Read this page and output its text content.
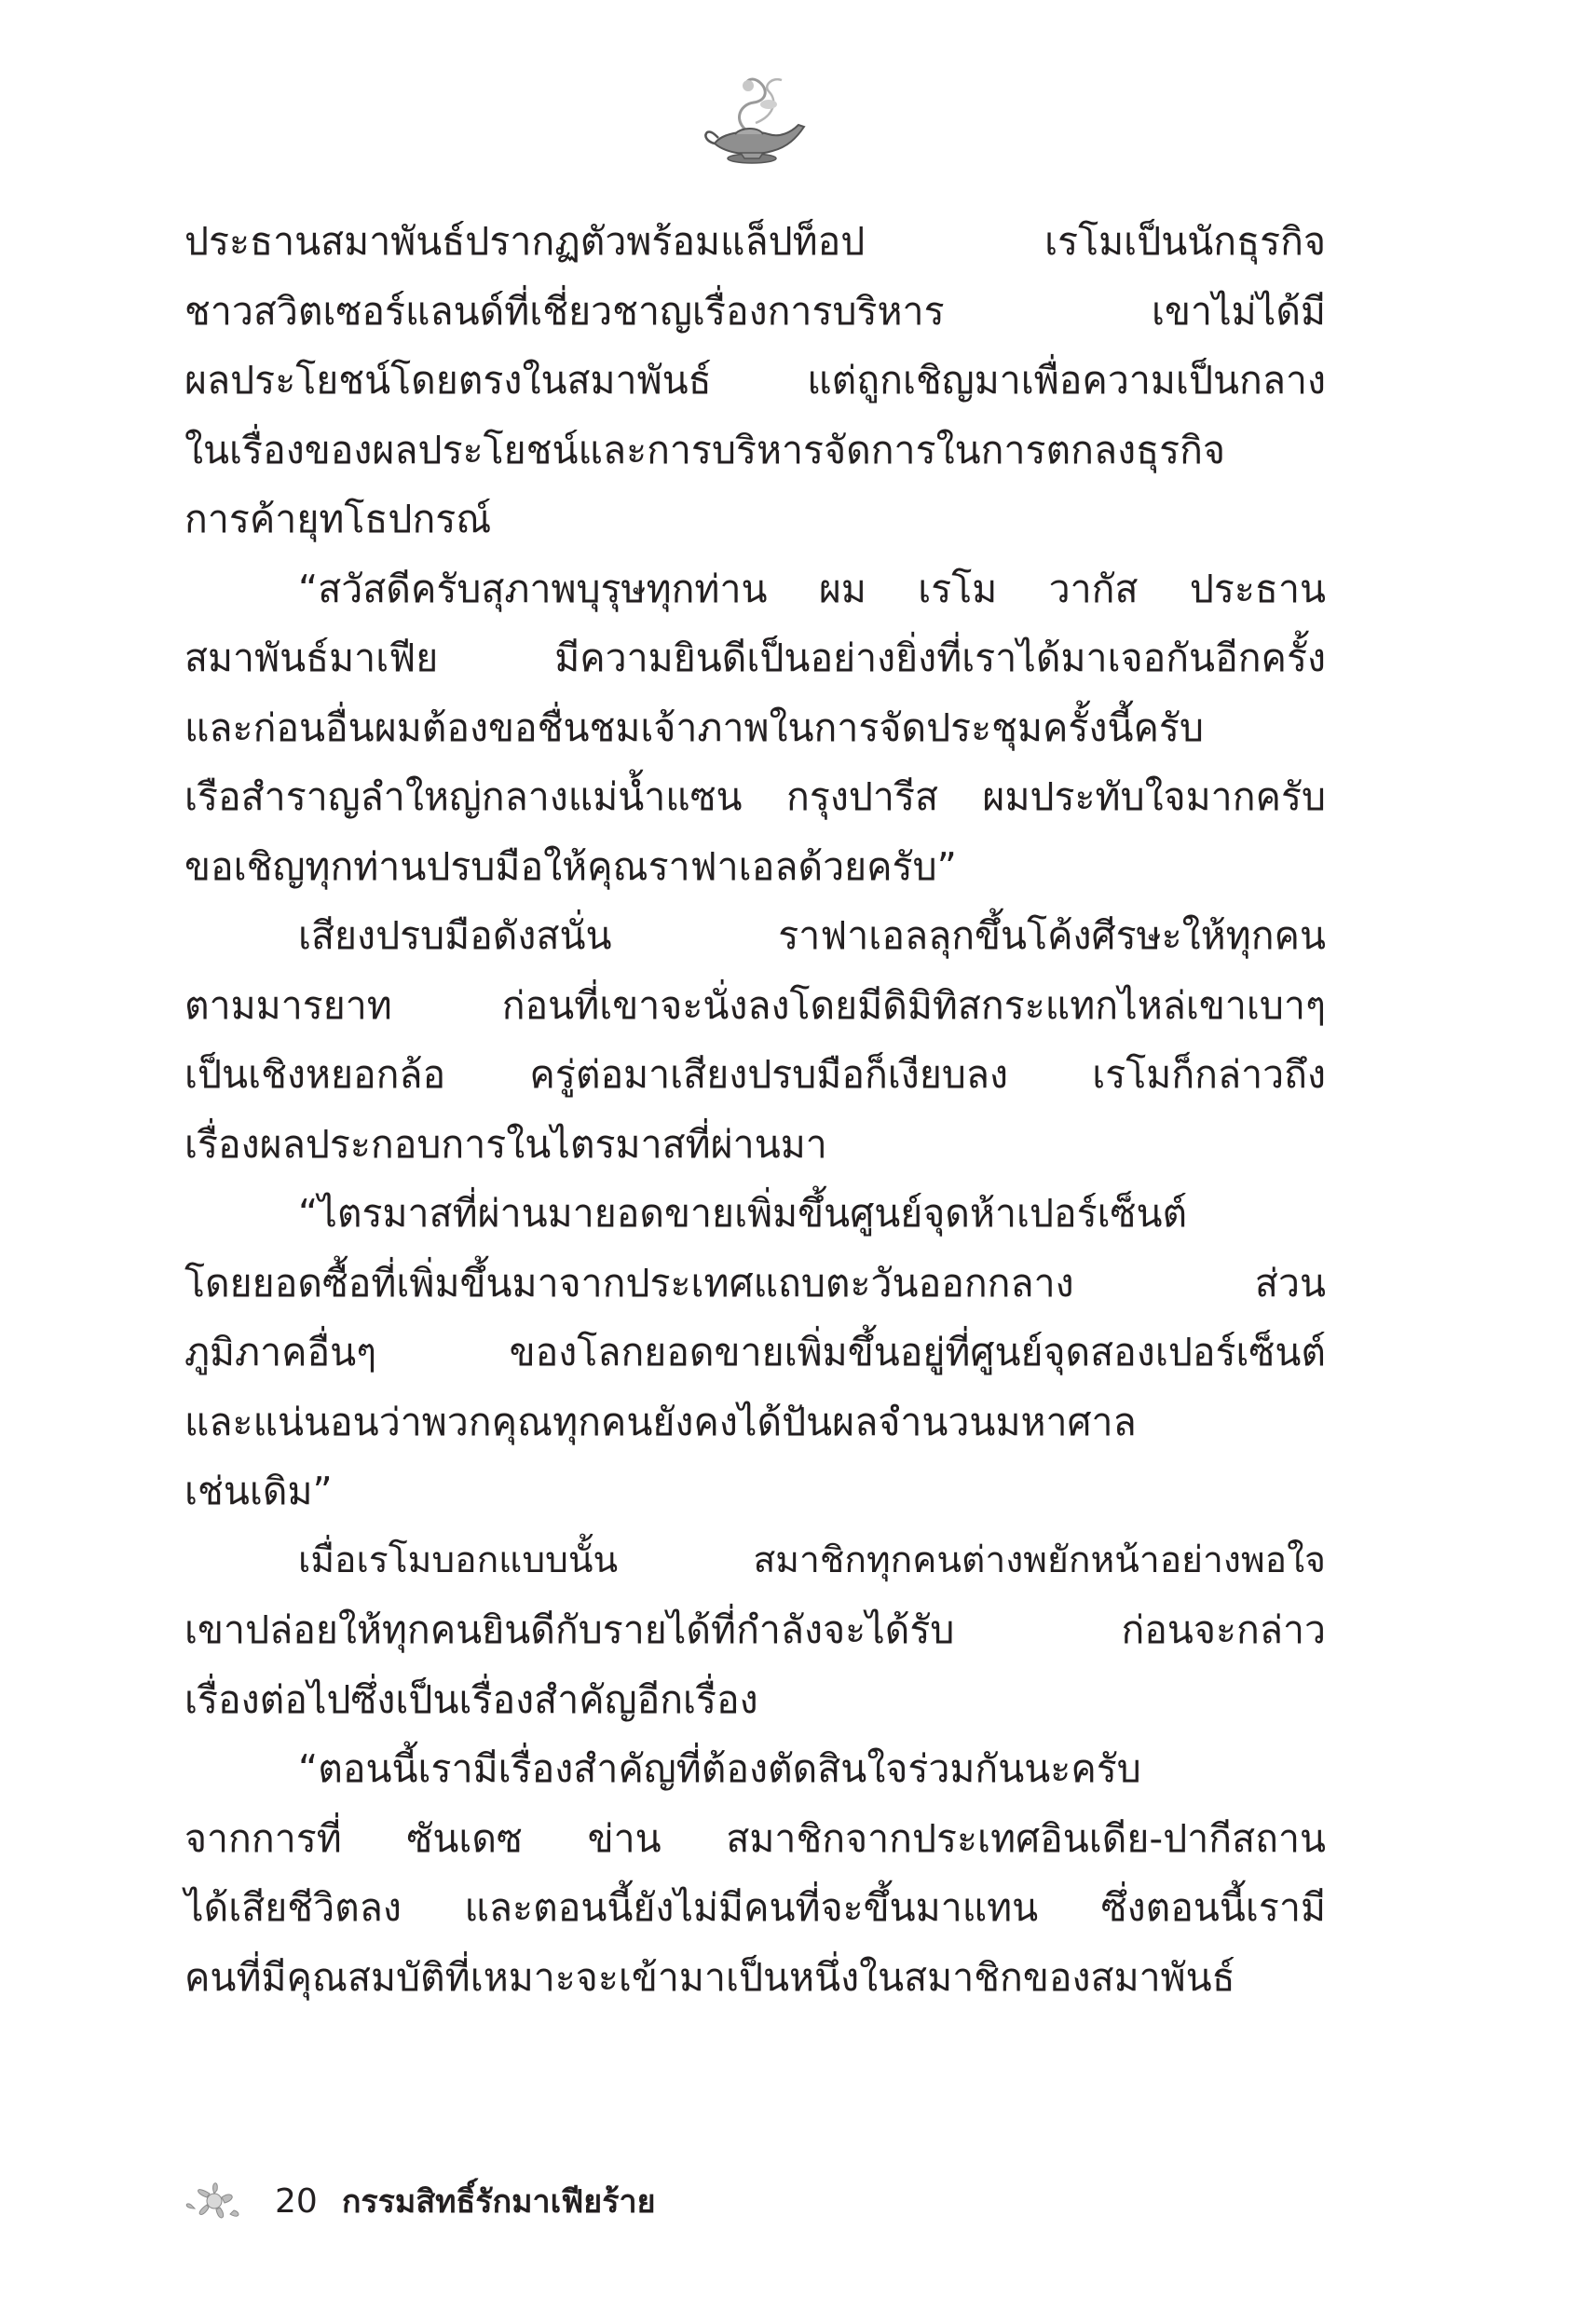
ประธานสมาพันธ์ปรากฏตัวพร้อมแล็ปท็อป เรโมเป็นนักธุรกิจ
ชาวสวิตเซอร์แลนด์ที่เชี่ยวชาญเรื่องการบริหาร เขาไม่ได้มี
ผลประโยชน์โดยตรงในสมาพันธ์ แต่ถูกเชิญมาเพื่อความเป็นกลาง
ในเรื่องของผลประโยชน์และการบริหารจัดการในการตกลงธุรกิจ
การค้ายุทโธปกรณ์
“สวัสดีครับสุภาพบุรุษทุกท่าน ผม เรโม วากัส ประธาน
สมาพันธ์มาเฟีย มีความยินดีเป็นอย่างยิ่งที่เราได้มาเจอกันอีกครั้ง
และก่อนอื่นผมต้องขอชื่นชมเจ้าภาพในการจัดประชุมครั้งนี้ครับ
เรือสำราญลำใหญ่กลางแม่น้ำแซน กรุงปารีส ผมประทับใจมากครับ
ขอเชิญทุกท่านปรบมือให้คุณราฟาเอลด้วยครับ”
เสียงปรบมือดังสนั่น ราฟาเอลลุกขึ้นโค้งศีรษะให้ทุกคน
ตามมารยาท ก่อนที่เขาจะนั่งลงโดยมีดิมิทิสกระแทกไหล่เขาเบาๆ
เป็นเชิงหยอกล้อ ครู่ต่อมาเสียงปรบมือก็เงียบลง เรโมก็กล่าวถึง
เรื่องผลประกอบการในไตรมาสที่ผ่านมา
“ไตรมาสที่ผ่านมายอดขายเพิ่มขึ้นศูนย์จุดห้าเปอร์เซ็นต์
โดยยอดซื้อที่เพิ่มขึ้นมาจากประเทศแถบตะวันออกกลาง ส่วน
ภูมิภาคอื่นๆ ของโลกยอดขายเพิ่มขึ้นอยู่ที่ศูนย์จุดสองเปอร์เซ็นต์
และแน่นอนว่าพวกคุณทุกคนยังคงได้ปันผลจำนวนมหาศาล
เช่นเดิม”
เมื่อเรโมบอกแบบนั้น สมาชิกทุกคนต่างพยักหน้าอย่างพอใจ
เขาปล่อยให้ทุกคนยินดีกับรายได้ที่กำลังจะได้รับ ก่อนจะกล่าว
เรื่องต่อไปซึ่งเป็นเรื่องสำคัญอีกเรื่อง
“ตอนนี้เรามีเรื่องสำคัญที่ต้องตัดสินใจร่วมกันนะครับ
จากการที่ ซันเดซ ข่าน สมาชิกจากประเทศอินเดีย-ปากีสถาน
ได้เสียชีวิตลง และตอนนี้ยังไม่มีคนที่จะขึ้นมาแทน ซึ่งตอนนี้เรามี
คนที่มีคุณสมบัติที่เหมาะจะเข้ามาเป็นหนึ่งในสมาชิกของสมาพันธ์
20 กรรมสิทธิ์รักมาเฟียร้าย
